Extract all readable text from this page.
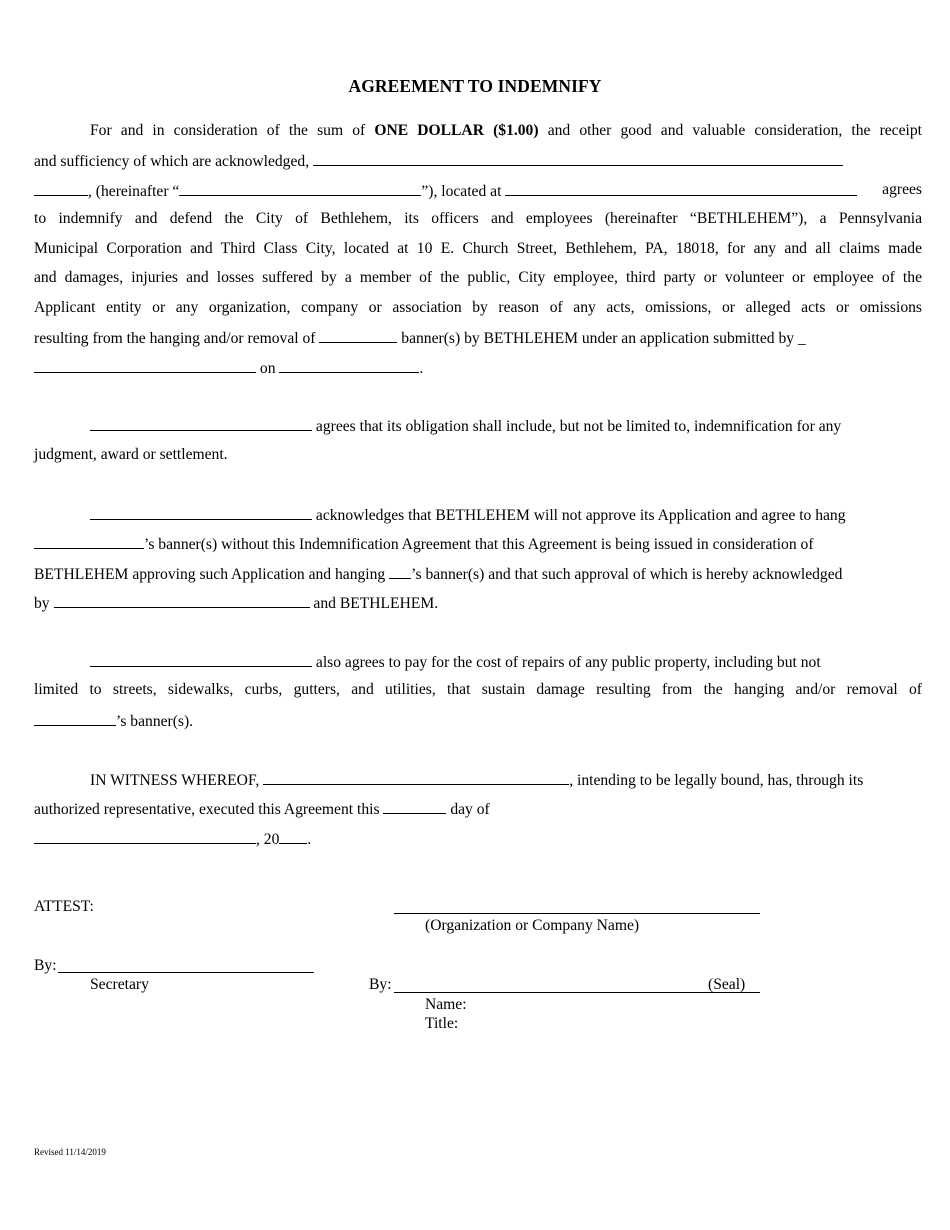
AGREEMENT TO INDEMNIFY
For and in consideration of the sum of ONE DOLLAR ($1.00) and other good and valuable consideration, the receipt
and sufficiency of which are acknowledged,
, (hereinafter “	”), located at	agrees
to indemnify and defend the City of Bethlehem, its officers and employees (hereinafter “BETHLEHEM”), a Pennsylvania
Municipal Corporation and Third Class City, located at 10 E. Church Street, Bethlehem, PA, 18018, for any and all claims made
and damages, injuries and losses suffered by a member of the public, City employee, third party or volunteer or employee of the
Applicant entity or any organization, company or association by reason of any acts, omissions, or alleged acts or omissions
resulting from the hanging and/or removal of	banner(s) by BETHLEHEM under an application submitted by _
on	.
agrees that its obligation shall include, but not be limited to, indemnification for any
judgment, award or settlement.
acknowledges that BETHLEHEM will not approve its Application and agree to hang
’s banner(s) without this Indemnification Agreement that this Agreement is being issued in consideration of
BETHLEHEM approving such Application and hanging ’s banner(s) and that such approval of which is hereby acknowledged
by	and BETHLEHEM.
also agrees to pay for the cost of repairs of any public property, including but not
limited to streets, sidewalks, curbs, gutters, and utilities, that sustain damage resulting from the hanging and/or removal of
’s banner(s).
IN WITNESS WHEREOF,	, intending to be legally bound, has, through its
authorized representative, executed this Agreement this	day of
, 20 .
ATTEST:
(Organization or Company Name)
By:
Secretary	By:	(Seal)
Name:
Title:
Revised 11/14/2019
